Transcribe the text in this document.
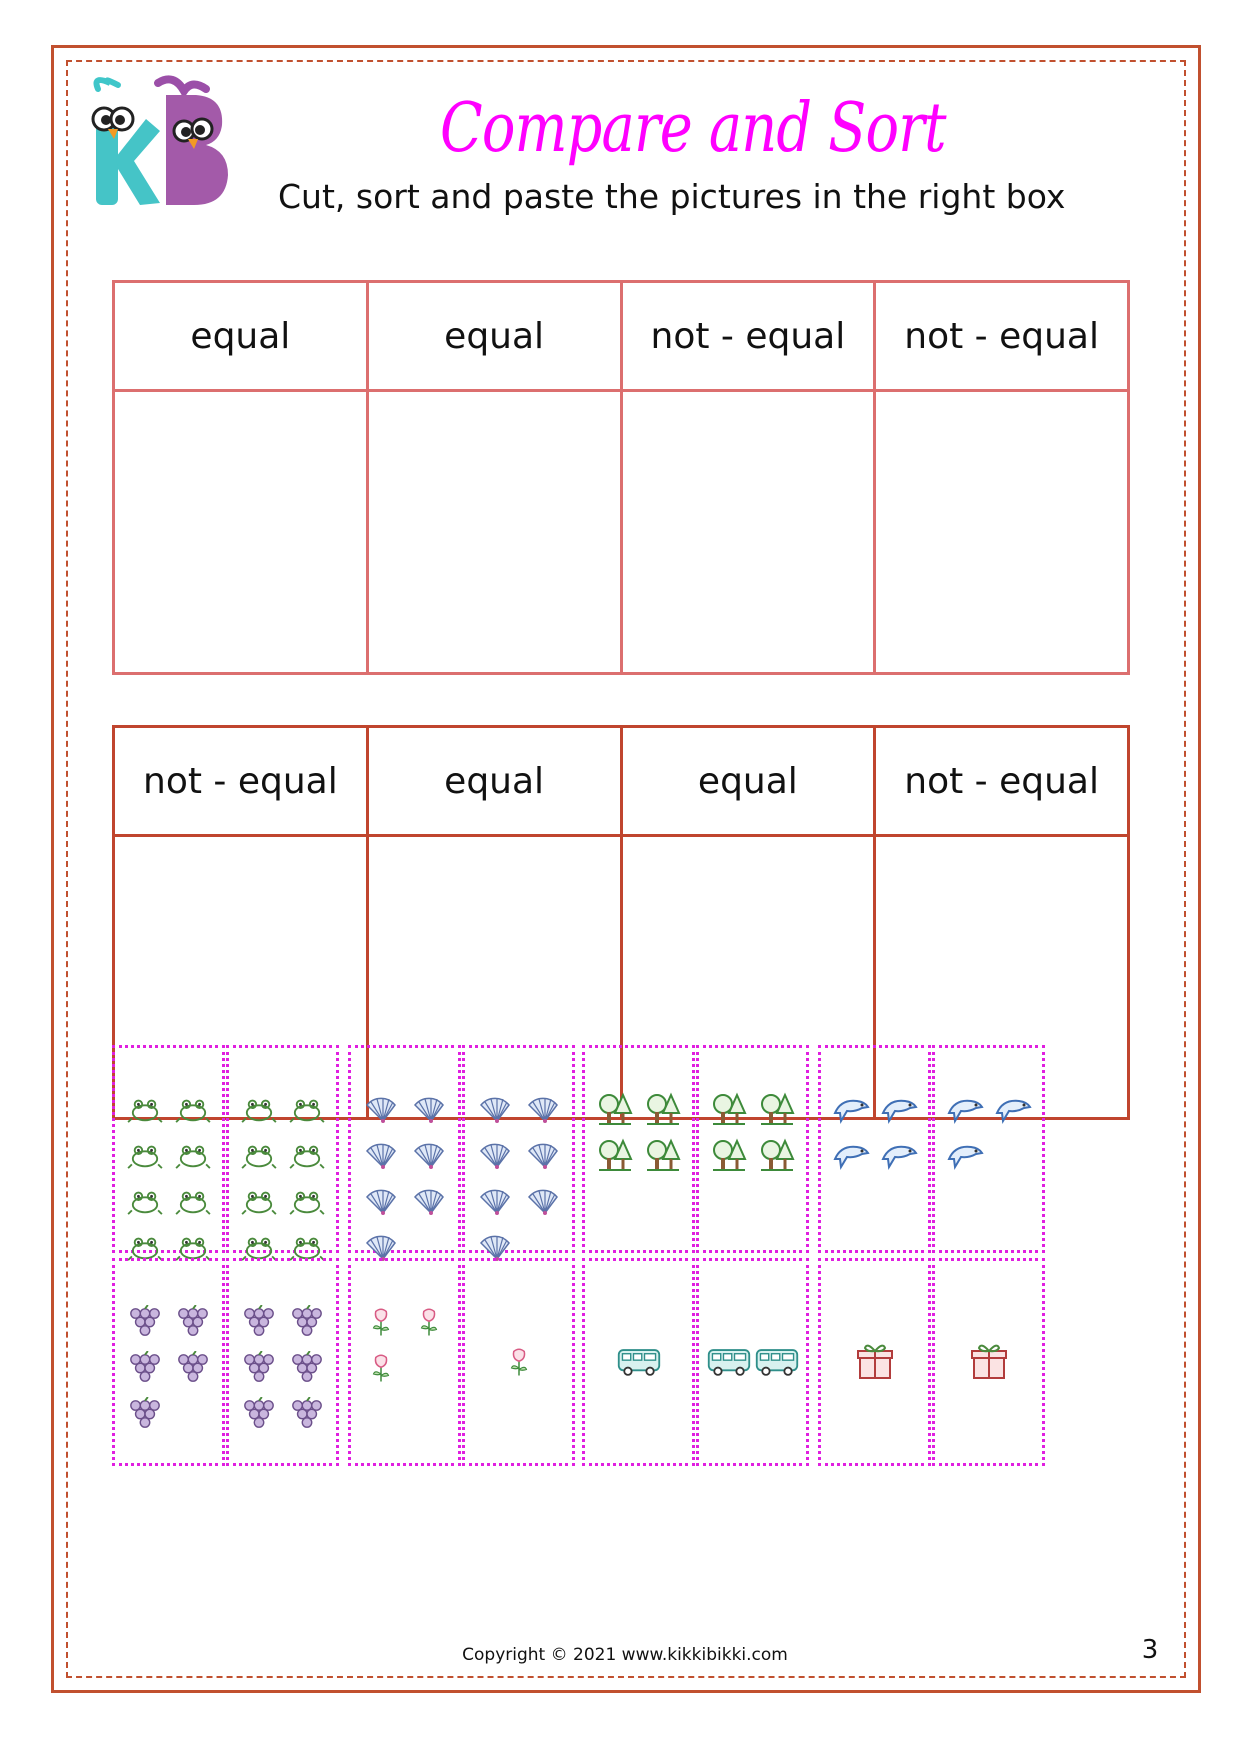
Compare and Sort
Cut, sort and paste the pictures in the right box
equal	equal	not - equal	not - equal

not - equal	equal	equal	not - equal

Copyright © 2021 www.kikkibikki.com	3
